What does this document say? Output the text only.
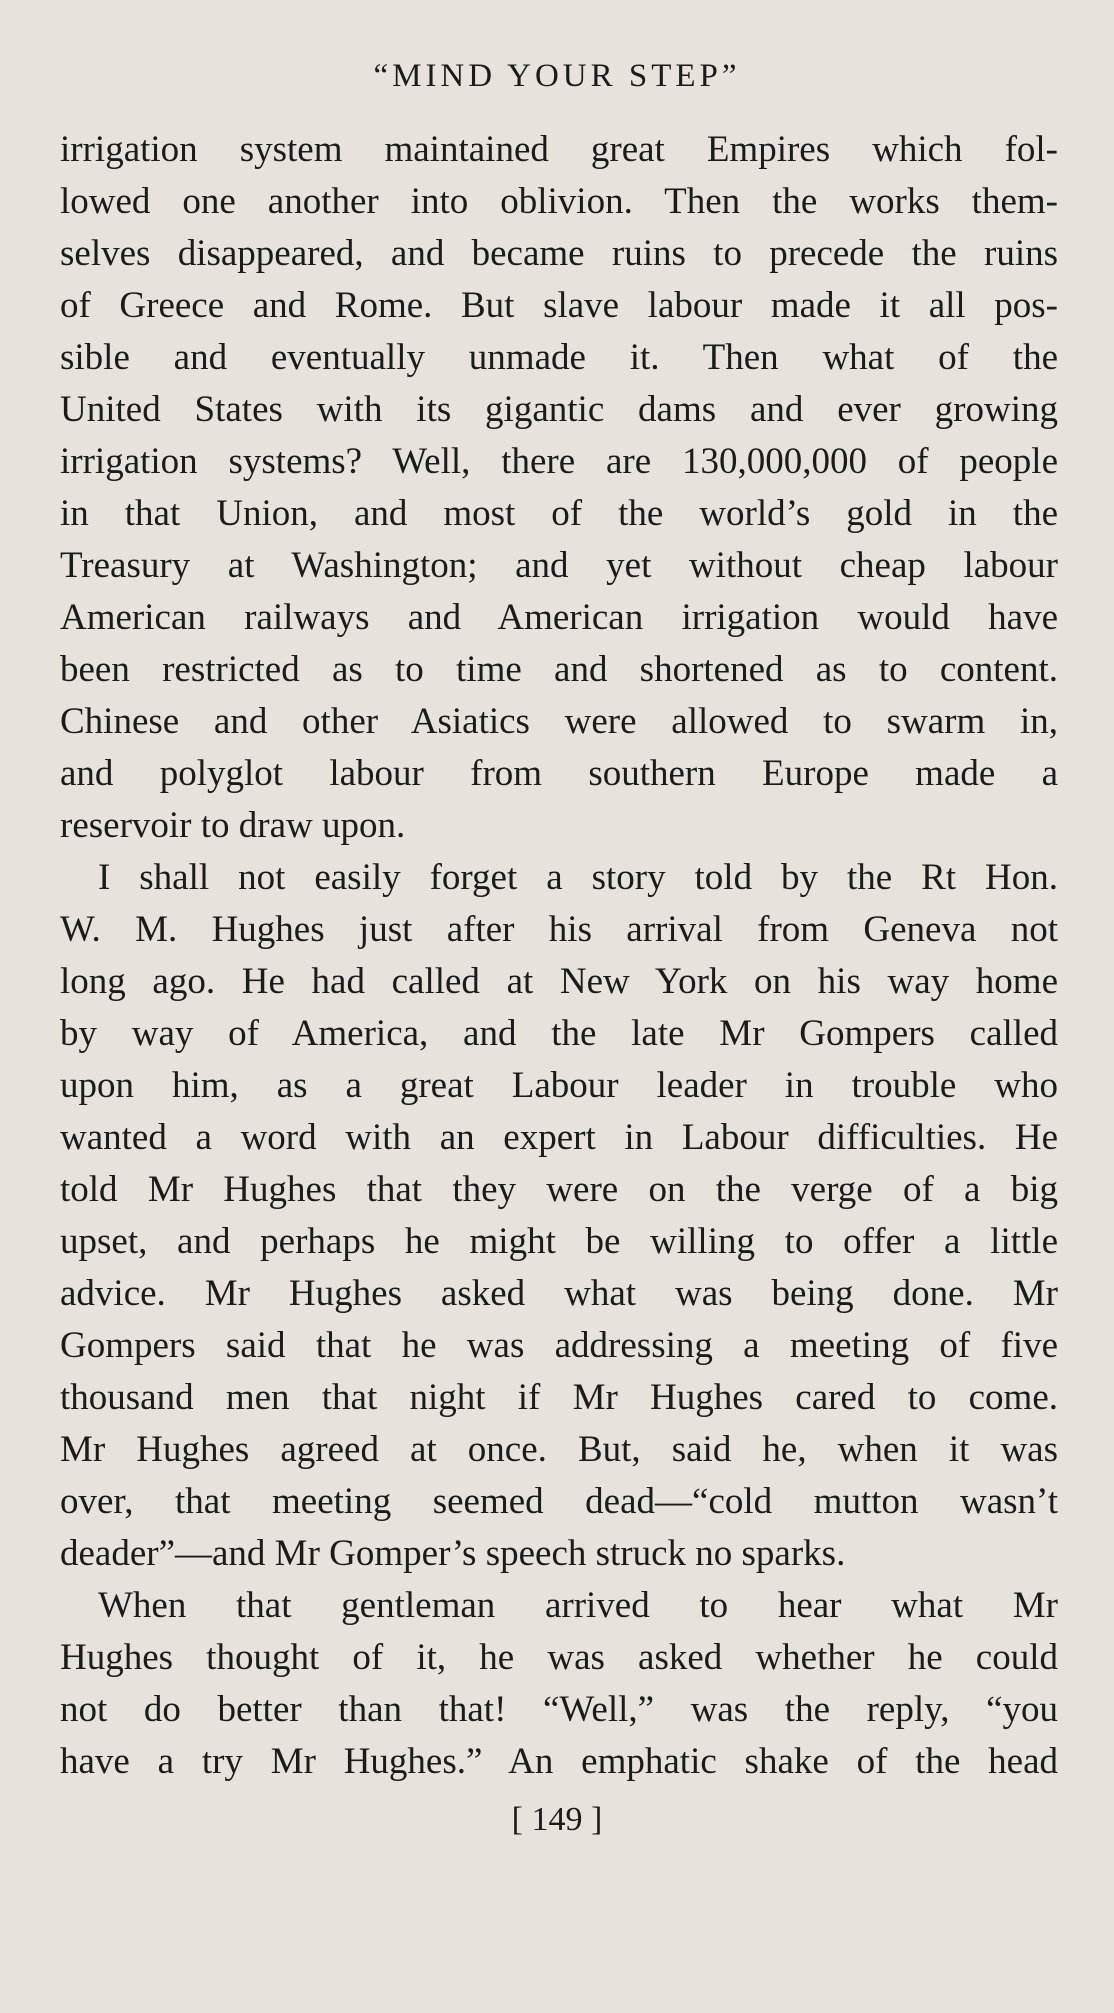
“MIND YOUR STEP”
irrigation system maintained great Empires which fol-
lowed one another into oblivion. Then the works them-
selves disappeared, and became ruins to precede the ruins
of Greece and Rome. But slave labour made it all pos-
sible and eventually unmade it. Then what of the
United States with its gigantic dams and ever growing
irrigation systems? Well, there are 130,000,000 of people
in that Union, and most of the world’s gold in the
Treasury at Washington; and yet without cheap labour
American railways and American irrigation would have
been restricted as to time and shortened as to content.
Chinese and other Asiatics were allowed to swarm in,
and polyglot labour from southern Europe made a
reservoir to draw upon.
I shall not easily forget a story told by the Rt Hon.
W. M. Hughes just after his arrival from Geneva not
long ago. He had called at New York on his way home
by way of America, and the late Mr Gompers called
upon him, as a great Labour leader in trouble who
wanted a word with an expert in Labour difficulties. He
told Mr Hughes that they were on the verge of a big
upset, and perhaps he might be willing to offer a little
advice. Mr Hughes asked what was being done. Mr
Gompers said that he was addressing a meeting of five
thousand men that night if Mr Hughes cared to come.
Mr Hughes agreed at once. But, said he, when it was
over, that meeting seemed dead—“cold mutton wasn’t
deader”—and Mr Gomper’s speech struck no sparks.
When that gentleman arrived to hear what Mr
Hughes thought of it, he was asked whether he could
not do better than that! “Well,” was the reply, “you
have a try Mr Hughes.” An emphatic shake of the head
[ 149 ]
